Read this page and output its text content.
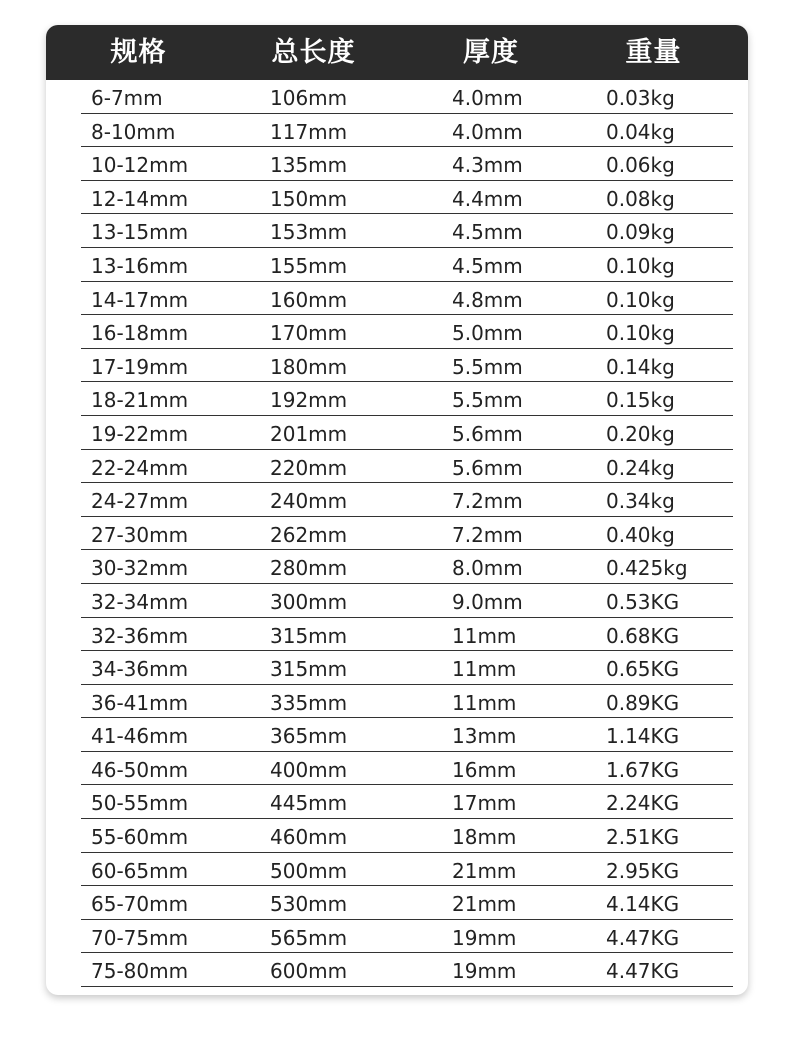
规格	总长度	厚度	重量
6-7mm	106mm	4.0mm	0.03kg
8-10mm	117mm	4.0mm	0.04kg
10-12mm	135mm	4.3mm	0.06kg
12-14mm	150mm	4.4mm	0.08kg
13-15mm	153mm	4.5mm	0.09kg
13-16mm	155mm	4.5mm	0.10kg
14-17mm	160mm	4.8mm	0.10kg
16-18mm	170mm	5.0mm	0.10kg
17-19mm	180mm	5.5mm	0.14kg
18-21mm	192mm	5.5mm	0.15kg
19-22mm	201mm	5.6mm	0.20kg
22-24mm	220mm	5.6mm	0.24kg
24-27mm	240mm	7.2mm	0.34kg
27-30mm	262mm	7.2mm	0.40kg
30-32mm	280mm	8.0mm	0.425kg
32-34mm	300mm	9.0mm	0.53KG
32-36mm	315mm	11mm	0.68KG
34-36mm	315mm	11mm	0.65KG
36-41mm	335mm	11mm	0.89KG
41-46mm	365mm	13mm	1.14KG
46-50mm	400mm	16mm	1.67KG
50-55mm	445mm	17mm	2.24KG
55-60mm	460mm	18mm	2.51KG
60-65mm	500mm	21mm	2.95KG
65-70mm	530mm	21mm	4.14KG
70-75mm	565mm	19mm	4.47KG
75-80mm	600mm	19mm	4.47KG
